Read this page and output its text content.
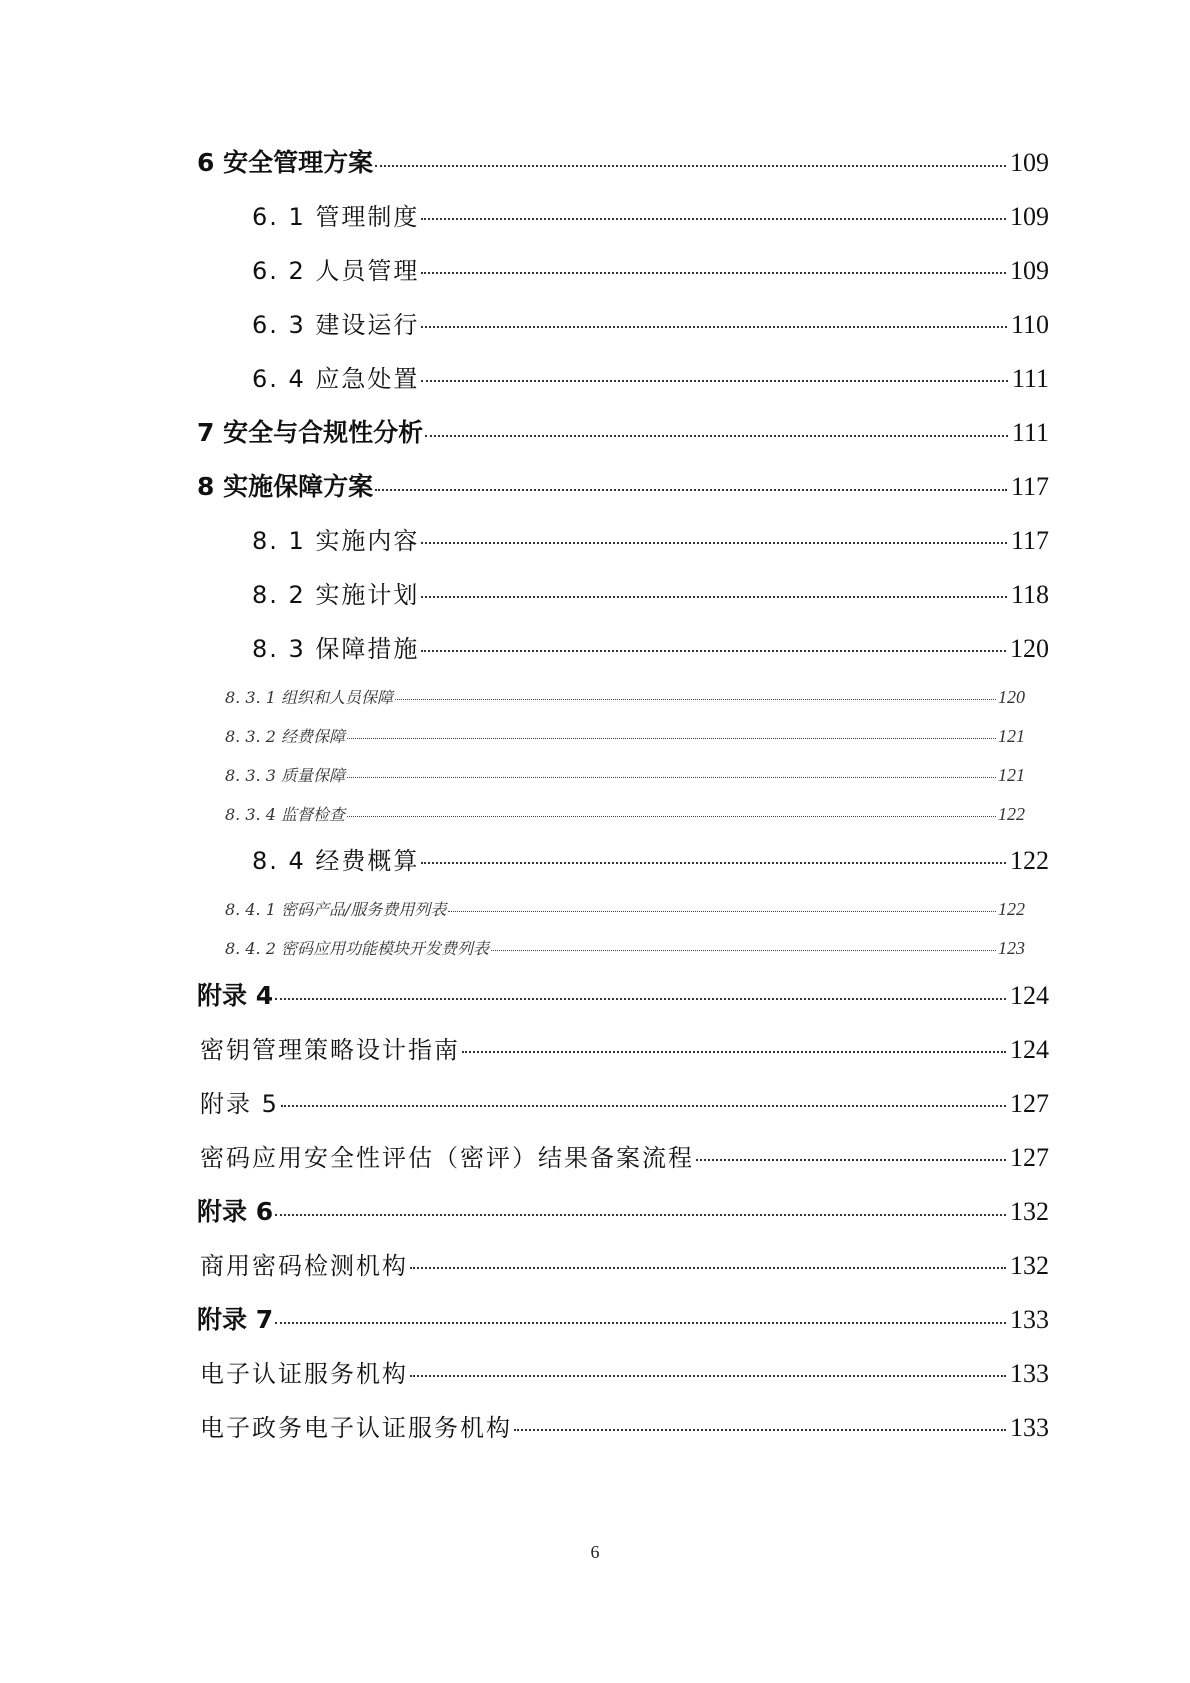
6 安全管理方案	109
6. 1 管理制度	109
6. 2 人员管理	109
6. 3 建设运行	110
6. 4 应急处置	111
7 安全与合规性分析	111
8 实施保障方案	117
8. 1 实施内容	117
8. 2 实施计划	118
8. 3 保障措施	120
8. 3. 1 组织和人员保障	120
8. 3. 2 经费保障	121
8. 3. 3 质量保障	121
8. 3. 4 监督检查	122
8. 4 经费概算	122
8. 4. 1 密码产品/服务费用列表	122
8. 4. 2 密码应用功能模块开发费列表	123
附录 4	124
密钥管理策略设计指南	124
附录 5	127
密码应用安全性评估（密评）结果备案流程	127
附录 6	132
商用密码检测机构	132
附录 7	133
电子认证服务机构	133
电子政务电子认证服务机构	133
6
